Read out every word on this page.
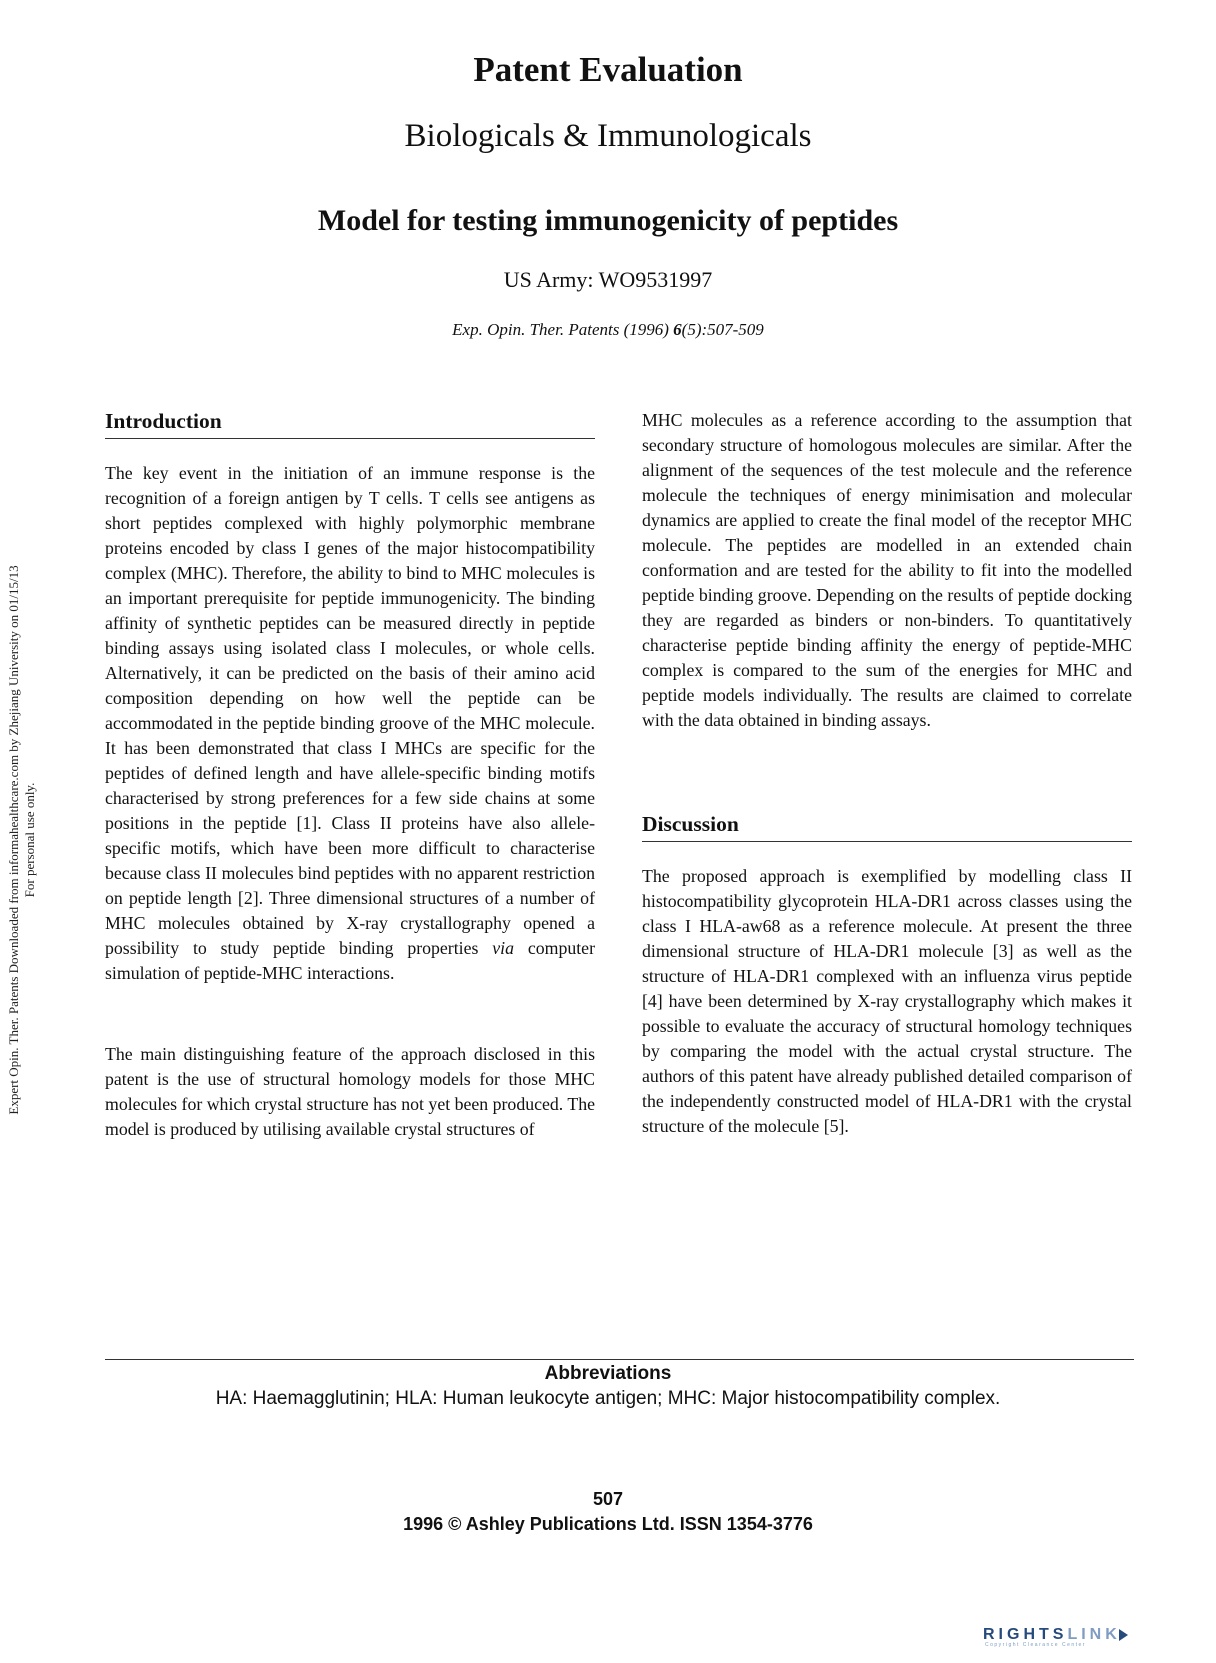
Patent Evaluation
Biologicals & Immunologicals
Model for testing immunogenicity of peptides
US Army: WO9531997
Exp. Opin. Ther. Patents (1996) 6(5):507-509
Expert Opin. Ther. Patents Downloaded from informahealthcare.com by Zhejiang University on 01/15/13 For personal use only.
Introduction

The key event in the initiation of an immune response is the recognition of a foreign antigen by T cells. T cells see antigens as short peptides complexed with highly polymorphic membrane proteins encoded by class I genes of the major histocompatibility complex (MHC). Therefore, the ability to bind to MHC molecules is an important prerequisite for peptide immunogenicity. The binding affinity of synthetic peptides can be measured directly in peptide binding assays using isolated class I molecules, or whole cells. Alternatively, it can be predicted on the basis of their amino acid composition depending on how well the peptide can be accommodated in the peptide binding groove of the MHC molecule. It has been demonstrated that class I MHCs are specific for the peptides of defined length and have allele-specific binding motifs characterised by strong preferences for a few side chains at some positions in the peptide [1]. Class II proteins have also allele-specific motifs, which have been more difficult to characterise because class II molecules bind peptides with no apparent restriction on peptide length [2]. Three dimensional structures of a number of MHC molecules obtained by X-ray crystallography opened a possibility to study peptide binding properties via computer simulation of peptide-MHC interactions.

The main distinguishing feature of the approach disclosed in this patent is the use of structural homology models for those MHC molecules for which crystal structure has not yet been produced. The model is produced by utilising available crystal structures of

MHC molecules as a reference according to the assumption that secondary structure of homologous molecules are similar. After the alignment of the sequences of the test molecule and the reference molecule the techniques of energy minimisation and molecular dynamics are applied to create the final model of the receptor MHC molecule. The peptides are modelled in an extended chain conformation and are tested for the ability to fit into the modelled peptide binding groove. Depending on the results of peptide docking they are regarded as binders or non-binders. To quantitatively characterise peptide binding affinity the energy of peptide-MHC complex is compared to the sum of the energies for MHC and peptide models individually. The results are claimed to correlate with the data obtained in binding assays.

Discussion

The proposed approach is exemplified by modelling class II histocompatibility glycoprotein HLA-DR1 across classes using the class I HLA-aw68 as a reference molecule. At present the three dimensional structure of HLA-DR1 molecule [3] as well as the structure of HLA-DR1 complexed with an influenza virus peptide [4] have been determined by X-ray crystallography which makes it possible to evaluate the accuracy of structural homology techniques by comparing the model with the actual crystal structure. The authors of this patent have already published detailed comparison of the independently constructed model of HLA-DR1 with the crystal structure of the molecule [5].

Abbreviations
HA: Haemagglutinin; HLA: Human leukocyte antigen; MHC: Major histocompatibility complex.
507
1996 © Ashley Publications Ltd. ISSN 1354-3776
RIGHTSLINK
Copyright Clearance Center
